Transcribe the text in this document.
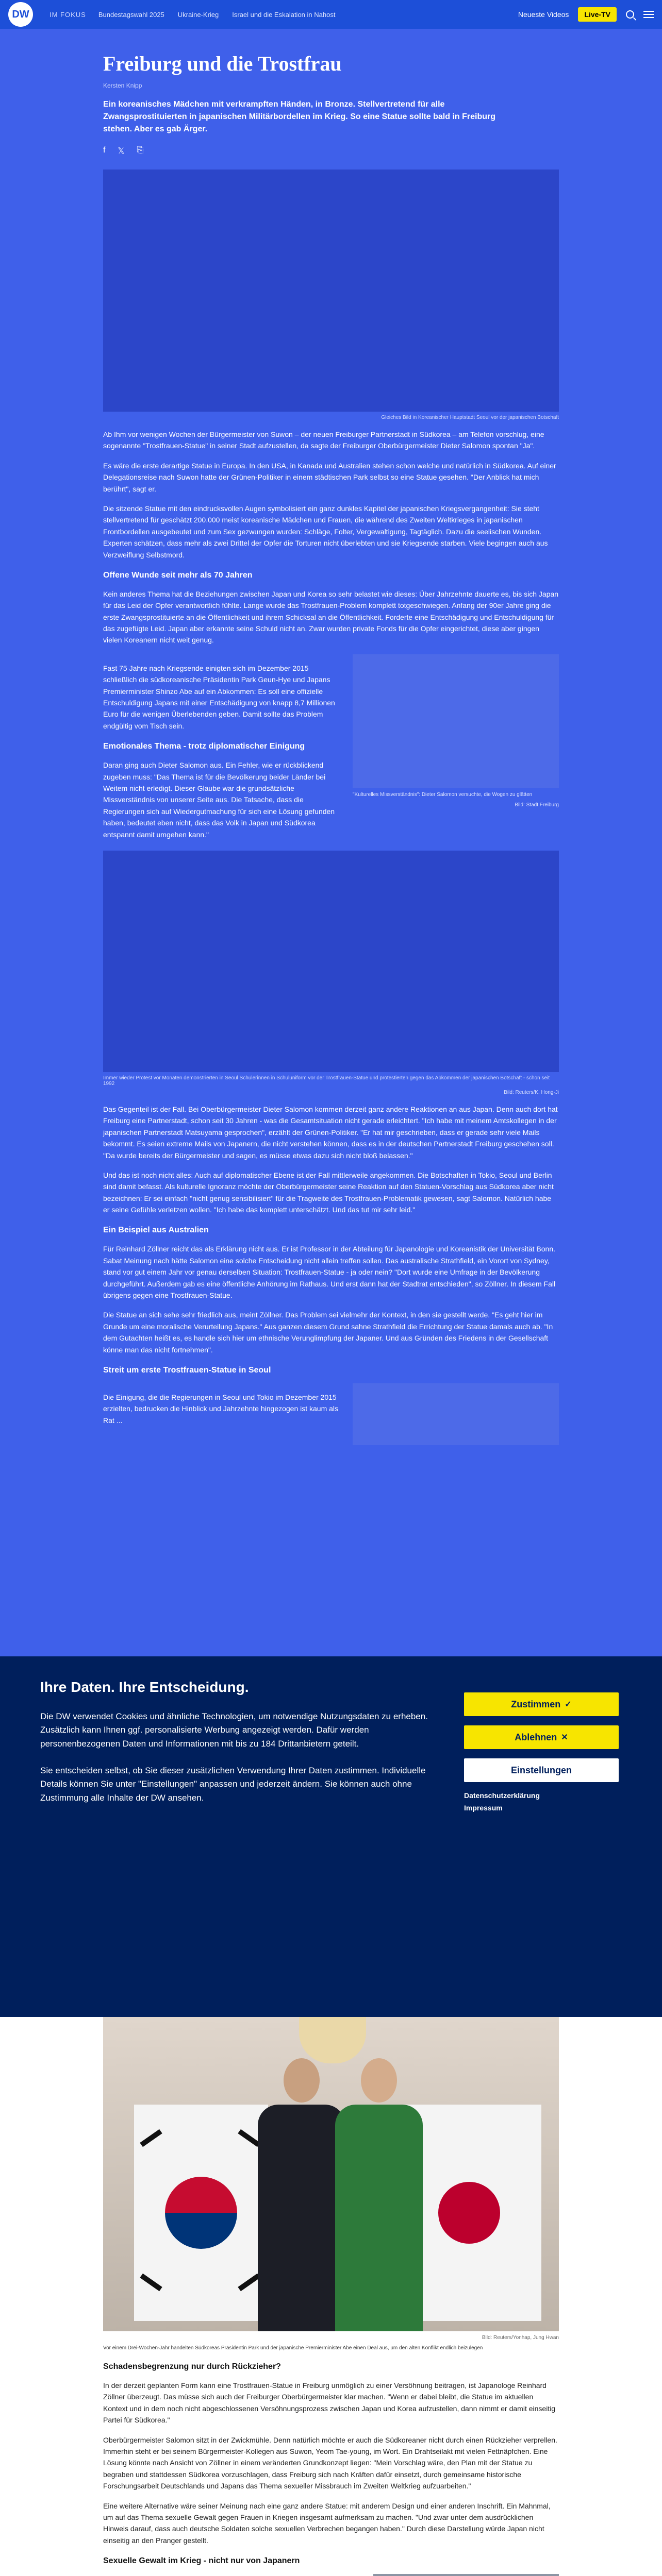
DW	IM FOKUS Bundestagswahl 2025 Ukraine-Krieg Israel und die Eskalation in Nahost	Neueste Videos	Live-TV
Freiburg und die Trostfrau
Kersten Knipp
Ein koreanisches Mädchen mit verkrampften Händen, in Bronze. Stellvertretend für alle Zwangsprostituierten in japanischen Militärbordellen im Krieg. So eine Statue sollte bald in Freiburg stehen. Aber es gab Ärger.
f 𝕏 ⎘
Gleiches Bild in Koreanischer Hauptstadt Seoul vor der japanischen Botschaft
Ab Ihm vor wenigen Wochen der Bürgermeister von Suwon – der neuen Freiburger Partnerstadt in Südkorea – am Telefon vorschlug, eine sogenannte "Trostfrauen-Statue" in seiner Stadt aufzustellen, da sagte der Freiburger Oberbürgermeister Dieter Salomon spontan "Ja".
Es wäre die erste derartige Statue in Europa. In den USA, in Kanada und Australien stehen schon welche und natürlich in Südkorea. Auf einer Delegationsreise nach Suwon hatte der Grünen-Politiker in einem städtischen Park selbst so eine Statue gesehen. "Der Anblick hat mich berührt", sagt er.
Die sitzende Statue mit den eindrucksvollen Augen symbolisiert ein ganz dunkles Kapitel der japanischen Kriegsvergangenheit: Sie steht stellvertretend für geschätzt 200.000 meist koreanische Mädchen und Frauen, die während des Zweiten Weltkrieges in japanischen Frontbordellen ausgebeutet und zum Sex gezwungen wurden: Schläge, Folter, Vergewaltigung, Tagtäglich. Dazu die seelischen Wunden. Experten schätzen, dass mehr als zwei Drittel der Opfer die Torturen nicht überlebten und sie Kriegsende starben. Viele begingen auch aus Verzweiflung Selbstmord.
Offene Wunde seit mehr als 70 Jahren
Kein anderes Thema hat die Beziehungen zwischen Japan und Korea so sehr belastet wie dieses: Über Jahrzehnte dauerte es, bis sich Japan für das Leid der Opfer verantwortlich fühlte. Lange wurde das Trostfrauen-Problem komplett totgeschwiegen. Anfang der 90er Jahre ging die erste Zwangsprostituierte an die Öffentlichkeit und ihrem Schicksal an die Öffentlichkeit. Forderte eine Entschädigung und Entschuldigung für das zugefügte Leid. Japan aber erkannte seine Schuld nicht an. Zwar wurden private Fonds für die Opfer eingerichtet, diese aber gingen vielen Koreanern nicht weit genug.
Fast 75 Jahre nach Kriegsende einigten sich im Dezember 2015 schließlich die südkoreanische Präsidentin Park Geun-Hye und Japans Premierminister Shinzo Abe auf ein Abkommen: Es soll eine offizielle Entschuldigung Japans mit einer Entschädigung von knapp 8,7 Millionen Euro für die wenigen Überlebenden geben. Damit sollte das Problem endgültig vom Tisch sein.
Emotionales Thema - trotz diplomatischer Einigung
Daran ging auch Dieter Salomon aus. Ein Fehler, wie er rückblickend zugeben muss: "Das Thema ist für die Bevölkerung beider Länder bei Weitem nicht erledigt. Dieser Glaube war die grundsätzliche Missverständnis von unserer Seite aus. Die Tatsache, dass die Regierungen sich auf Wiedergutmachung für sich eine Lösung gefunden haben, bedeutet eben nicht, dass das Volk in Japan und Südkorea entspannt damit umgehen kann."
"Kulturelles Missverständnis": Dieter Salomon versuchte, die Wogen zu glätten
Bild: Stadt Freiburg
Immer wieder Protest vor Monaten demonstrierten in Seoul Schülerinnen in Schuluniform vor der Trostfrauen-Statue und protestierten gegen das Abkommen der japanischen Botschaft - schon seit 1992
Bild: Reuters/K. Hong-Ji
Das Gegenteil ist der Fall. Bei Oberbürgermeister Dieter Salomon kommen derzeit ganz andere Reaktionen an aus Japan. Denn auch dort hat Freiburg eine Partnerstadt, schon seit 30 Jahren - was die Gesamtsituation nicht gerade erleichtert. "Ich habe mit meinem Amtskollegen in der japanischen Partnerstadt Matsuyama gesprochen", erzählt der Grünen-Politiker. "Er hat mir geschrieben, dass er gerade sehr viele Mails bekommt. Es seien extreme Mails von Japanern, die nicht verstehen können, dass es in der deutschen Partnerstadt Freiburg geschehen soll. "Da wurde bereits der Bürgermeister und sagen, es müsse etwas dazu sich nicht bloß belassen."
Und das ist noch nicht alles: Auch auf diplomatischer Ebene ist der Fall mittlerweile angekommen. Die Botschaften in Tokio, Seoul und Berlin sind damit befasst. Als kulturelle Ignoranz möchte der Oberbürgermeister seine Reaktion auf den Statuen-Vorschlag aus Südkorea aber nicht bezeichnen: Er sei einfach "nicht genug sensibilisiert" für die Tragweite des Trostfrauen-Problematik gewesen, sagt Salomon. Natürlich habe er seine Gefühle verletzen wollen. "Ich habe das komplett unterschätzt. Und das tut mir sehr leid."
Ein Beispiel aus Australien
Für Reinhard Zöllner reicht das als Erklärung nicht aus. Er ist Professor in der Abteilung für Japanologie und Koreanistik der Universität Bonn. Sabat Meinung nach hätte Salomon eine solche Entscheidung nicht allein treffen sollen. Das australische Strathfield, ein Vorort von Sydney, stand vor gut einem Jahr vor genau derselben Situation: Trostfrauen-Statue - ja oder nein? "Dort wurde eine Umfrage in der Bevölkerung durchgeführt. Außerdem gab es eine öffentliche Anhörung im Rathaus. Und erst dann hat der Stadtrat entschieden", so Zöllner. In diesem Fall übrigens gegen eine Trostfrauen-Statue.
Die Statue an sich sehe sehr friedlich aus, meint Zöllner. Das Problem sei vielmehr der Kontext, in den sie gestellt werde. "Es geht hier im Grunde um eine moralische Verurteilung Japans." Aus ganzen diesem Grund sahne Strathfield die Errichtung der Statue damals auch ab. "In dem Gutachten heißt es, es handle sich hier um ethnische Verunglimpfung der Japaner. Und aus Gründen des Friedens in der Gesellschaft könne man das nicht fortnehmen".
Streit um erste Trostfrauen-Statue in Seoul
Die Einigung, die die Regierungen in Seoul und Tokio im Dezember 2015 erzielten, bedrucken die Hinblick und Jahrzehnte hingezogen ist kaum als Rat ...
Bild: Reuters/Yonhap, Jung Hwan
Vor einem Drei-Wochen-Jahr handelten Südkoreas Präsidentin Park und der japanische Premierminister Abe einen Deal aus, um den alten Konflikt endlich beizulegen
Schadensbegrenzung nur durch Rückzieher?
In der derzeit geplanten Form kann eine Trostfrauen-Statue in Freiburg unmöglich zu einer Versöhnung beitragen, ist Japanologe Reinhard Zöllner überzeugt. Das müsse sich auch der Freiburger Oberbürgermeister klar machen. "Wenn er dabei bleibt, die Statue im aktuellen Kontext und in dem noch nicht abgeschlossenen Versöhnungsprozess zwischen Japan und Korea aufzustellen, dann nimmt er damit einseitig Partei für Südkorea."
Oberbürgermeister Salomon sitzt in der Zwickmühle. Denn natürlich möchte er auch die Südkoreaner nicht durch einen Rückzieher verprellen. Immerhin steht er bei seinem Bürgermeister-Kollegen aus Suwon, Yeom Tae-young, im Wort. Ein Drahtseilakt mit vielen Fettnäpfchen. Eine Lösung könnte nach Ansicht von Zöllner in einem veränderten Grundkonzept liegen: "Mein Vorschlag wäre, den Plan mit der Statue zu begraben und stattdessen Südkorea vorzuschlagen, dass Freiburg sich nach Kräften dafür einsetzt, durch gemeinsame historische Forschungsarbeit Deutschlands und Japans das Thema sexueller Missbrauch im Zweiten Weltkrieg aufzuarbeiten."
Eine weitere Alternative wäre seiner Meinung nach eine ganz andere Statue: mit anderem Design und einer anderen Inschrift. Ein Mahnmal, um auf das Thema sexuelle Gewalt gegen Frauen in Kriegen insgesamt aufmerksam zu machen. "Und zwar unter dem ausdrücklichen Hinweis darauf, dass auch deutsche Soldaten solche sexuellen Verbrechen begangen haben." Durch diese Darstellung würde Japan nicht einseitig an den Pranger gestellt.
Sexuelle Gewalt im Krieg - nicht nur von Japanern
Ihre Daten. Ihre Entscheidung.
Die DW verwendet Cookies und ähnliche Technologien, um notwendige Nutzungsdaten zu erheben. Zusätzlich kann Ihnen ggf. personalisierte Werbung angezeigt werden. Dafür werden personenbezogenen Daten und Informationen mit bis zu 184 Drittanbietern geteilt.
Sie entscheiden selbst, ob Sie dieser zusätzlichen Verwendung Ihrer Daten zustimmen. Individuelle Details können Sie unter "Einstellungen" anpassen und jederzeit ändern. Sie können auch ohne Zustimmung alle Inhalte der DW ansehen.
Zustimmen ✓
Ablehnen ✕
Einstellungen
Datenschutzerklärung
Impressum
